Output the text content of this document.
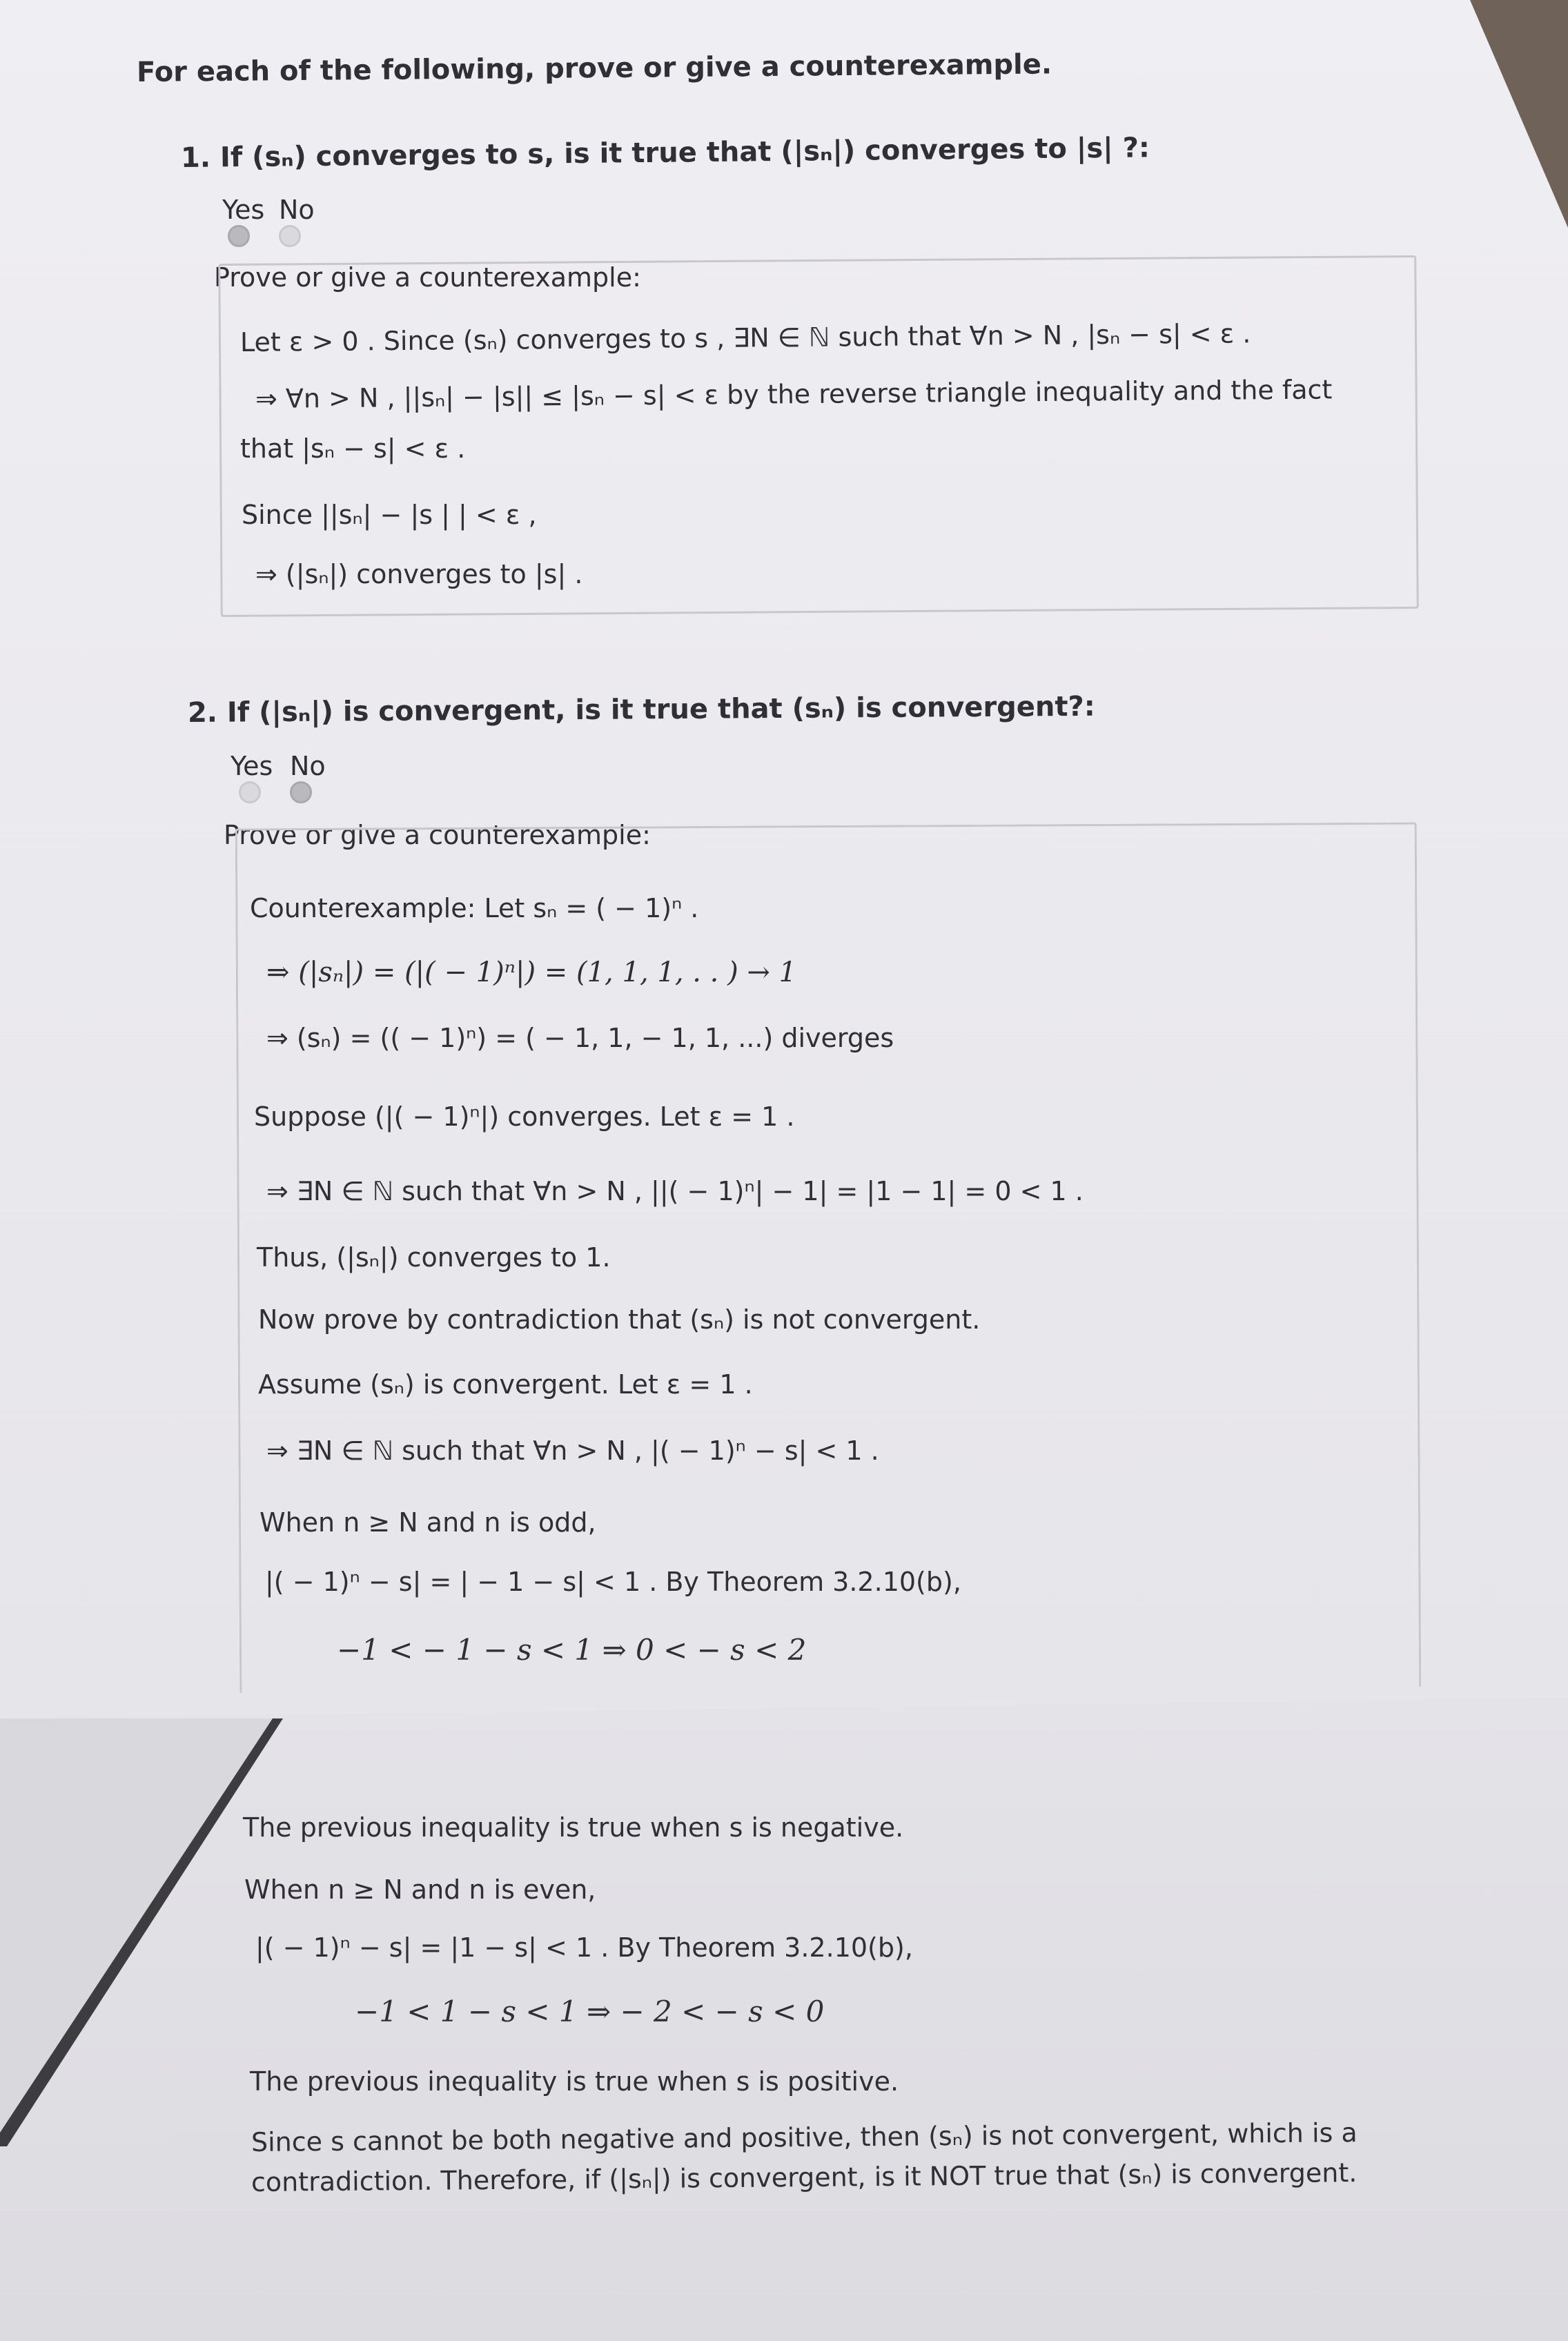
For each of the following, prove or give a counterexample.
1. If (sₙ) converges to s, is it true that (|sₙ|) converges to |s| ?:
Yes No
Prove or give a counterexample:
Let ε > 0 . Since (sₙ) converges to s , ∃N ∈ ℕ such that ∀n > N , |sₙ − s| < ε .
⇒ ∀n > N , ||sₙ| − |s|| ≤ |sₙ − s| < ε by the reverse triangle inequality and the fact
that |sₙ − s| < ε .
Since ||sₙ| − |s | | < ε ,
⇒ (|sₙ|) converges to |s| .
2. If (|sₙ|) is convergent, is it true that (sₙ) is convergent?:
Yes No
Prove or give a counterexample:
Counterexample: Let sₙ = ( − 1)ⁿ .
⇒ (|sₙ|) = (|( − 1)ⁿ|) = (1, 1, 1, . . ) → 1
⇒ (sₙ) = (( − 1)ⁿ) = ( − 1, 1, − 1, 1, ...) diverges
Suppose (|( − 1)ⁿ|) converges. Let ε = 1 .
⇒ ∃N ∈ ℕ such that ∀n > N , ||( − 1)ⁿ| − 1| = |1 − 1| = 0 < 1 .
Thus, (|sₙ|) converges to 1.
Now prove by contradiction that (sₙ) is not convergent.
Assume (sₙ) is convergent. Let ε = 1 .
⇒ ∃N ∈ ℕ such that ∀n > N , |( − 1)ⁿ − s| < 1 .
When n ≥ N and n is odd,
|( − 1)ⁿ − s| = | − 1 − s| < 1 . By Theorem 3.2.10(b),
−1 < − 1 − s < 1 ⇒ 0 < − s < 2
The previous inequality is true when s is negative.
When n ≥ N and n is even,
|( − 1)ⁿ − s| = |1 − s| < 1 . By Theorem 3.2.10(b),
−1 < 1 − s < 1 ⇒ − 2 < − s < 0
The previous inequality is true when s is positive.
Since s cannot be both negative and positive, then (sₙ) is not convergent, which is a
contradiction. Therefore, if (|sₙ|) is convergent, is it NOT true that (sₙ) is convergent.
